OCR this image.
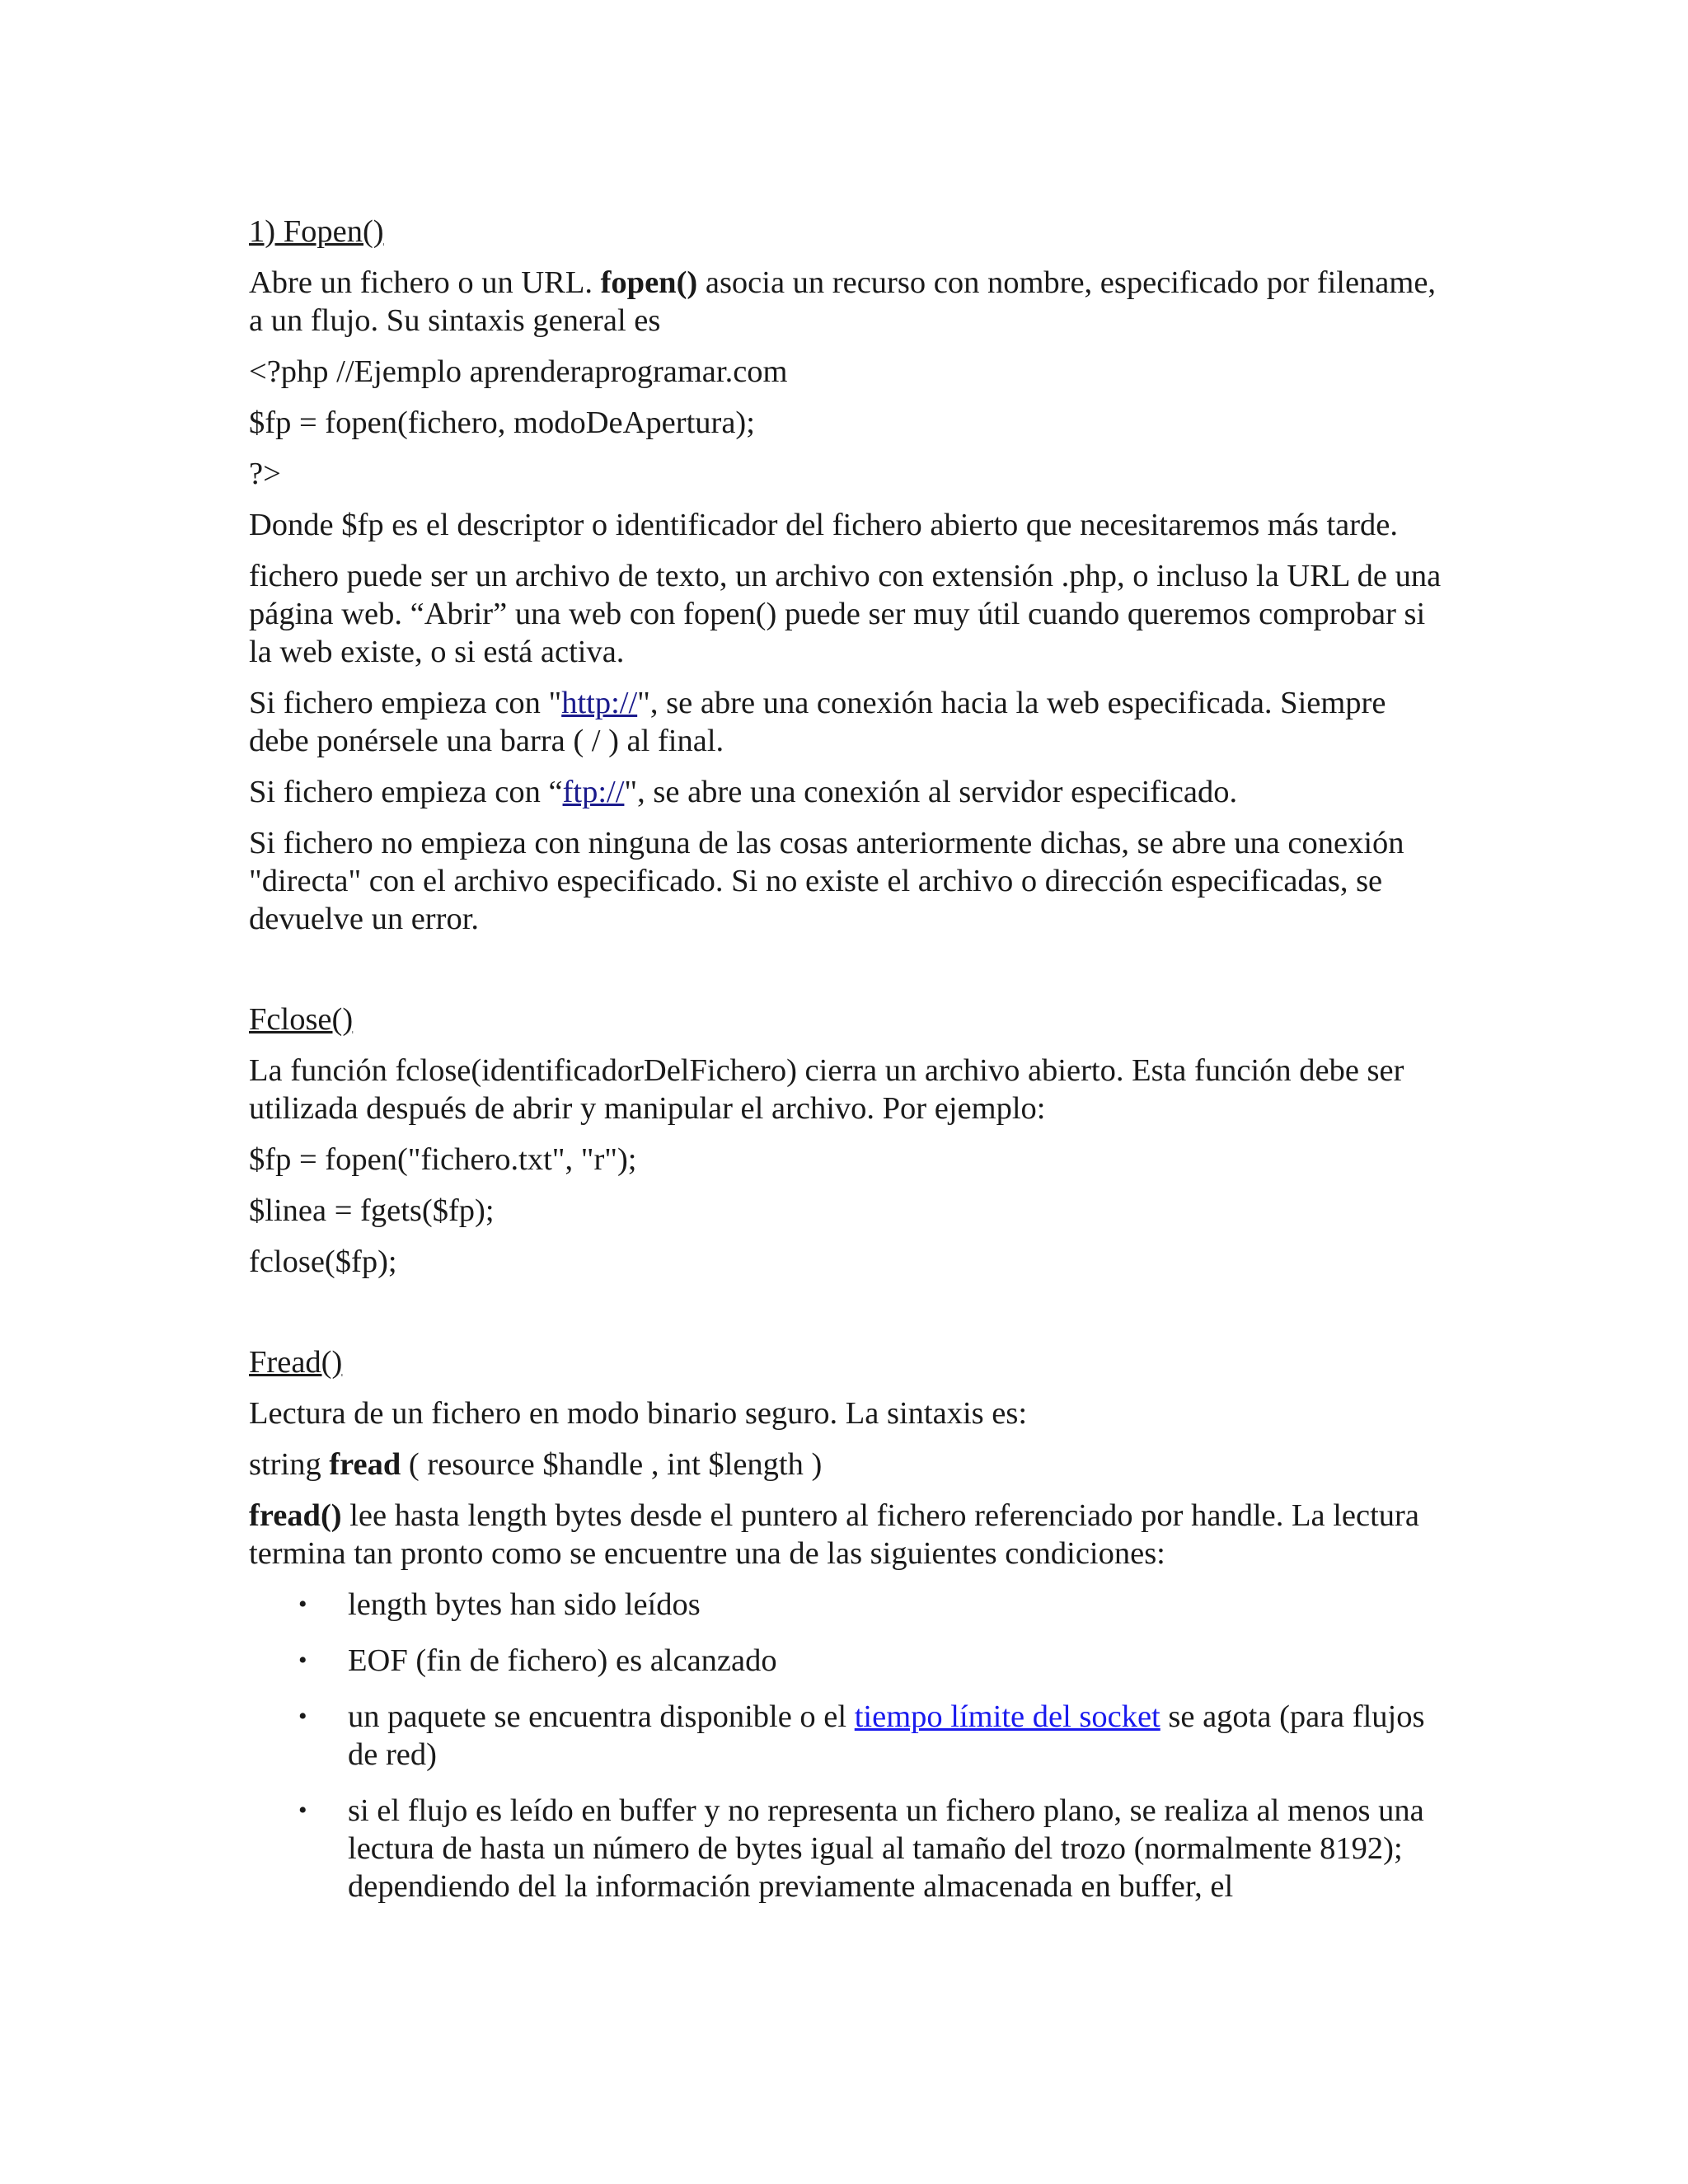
1) Fopen()

Abre un fichero o un URL. fopen() asocia un recurso con nombre, especificado por filename, a un flujo. Su sintaxis general es

<?php //Ejemplo aprenderaprogramar.com

$fp = fopen(fichero, modoDeApertura);

?>

Donde $fp es el descriptor o identificador del fichero abierto que necesitaremos más tarde.

fichero puede ser un archivo de texto, un archivo con extensión .php, o incluso la URL de una página web. “Abrir” una web con fopen() puede ser muy útil cuando queremos comprobar si la web existe, o si está activa.

Si fichero empieza con "http://", se abre una conexión hacia la web especificada. Siempre debe ponérsele una barra ( / ) al final.

Si fichero empieza con “ftp://", se abre una conexión al servidor especificado.

Si fichero no empieza con ninguna de las cosas anteriormente dichas, se abre una conexión "directa" con el archivo especificado. Si no existe el archivo o dirección especificadas, se devuelve un error.

Fclose()

La función fclose(identificadorDelFichero) cierra un archivo abierto. Esta función debe ser utilizada después de abrir y manipular el archivo. Por ejemplo:

$fp = fopen("fichero.txt", "r");

$linea = fgets($fp);

fclose($fp);

Fread()

Lectura de un fichero en modo binario seguro. La sintaxis es:

string fread ( resource $handle , int $length )

fread() lee hasta length bytes desde el puntero al fichero referenciado por handle. La lectura termina tan pronto como se encuentre una de las siguientes condiciones:

• length bytes han sido leídos
• EOF (fin de fichero) es alcanzado
• un paquete se encuentra disponible o el tiempo límite del socket se agota (para flujos de red)
• si el flujo es leído en buffer y no representa un fichero plano, se realiza al menos una lectura de hasta un número de bytes igual al tamaño del trozo (normalmente 8192); dependiendo del la información previamente almacenada en buffer, el
